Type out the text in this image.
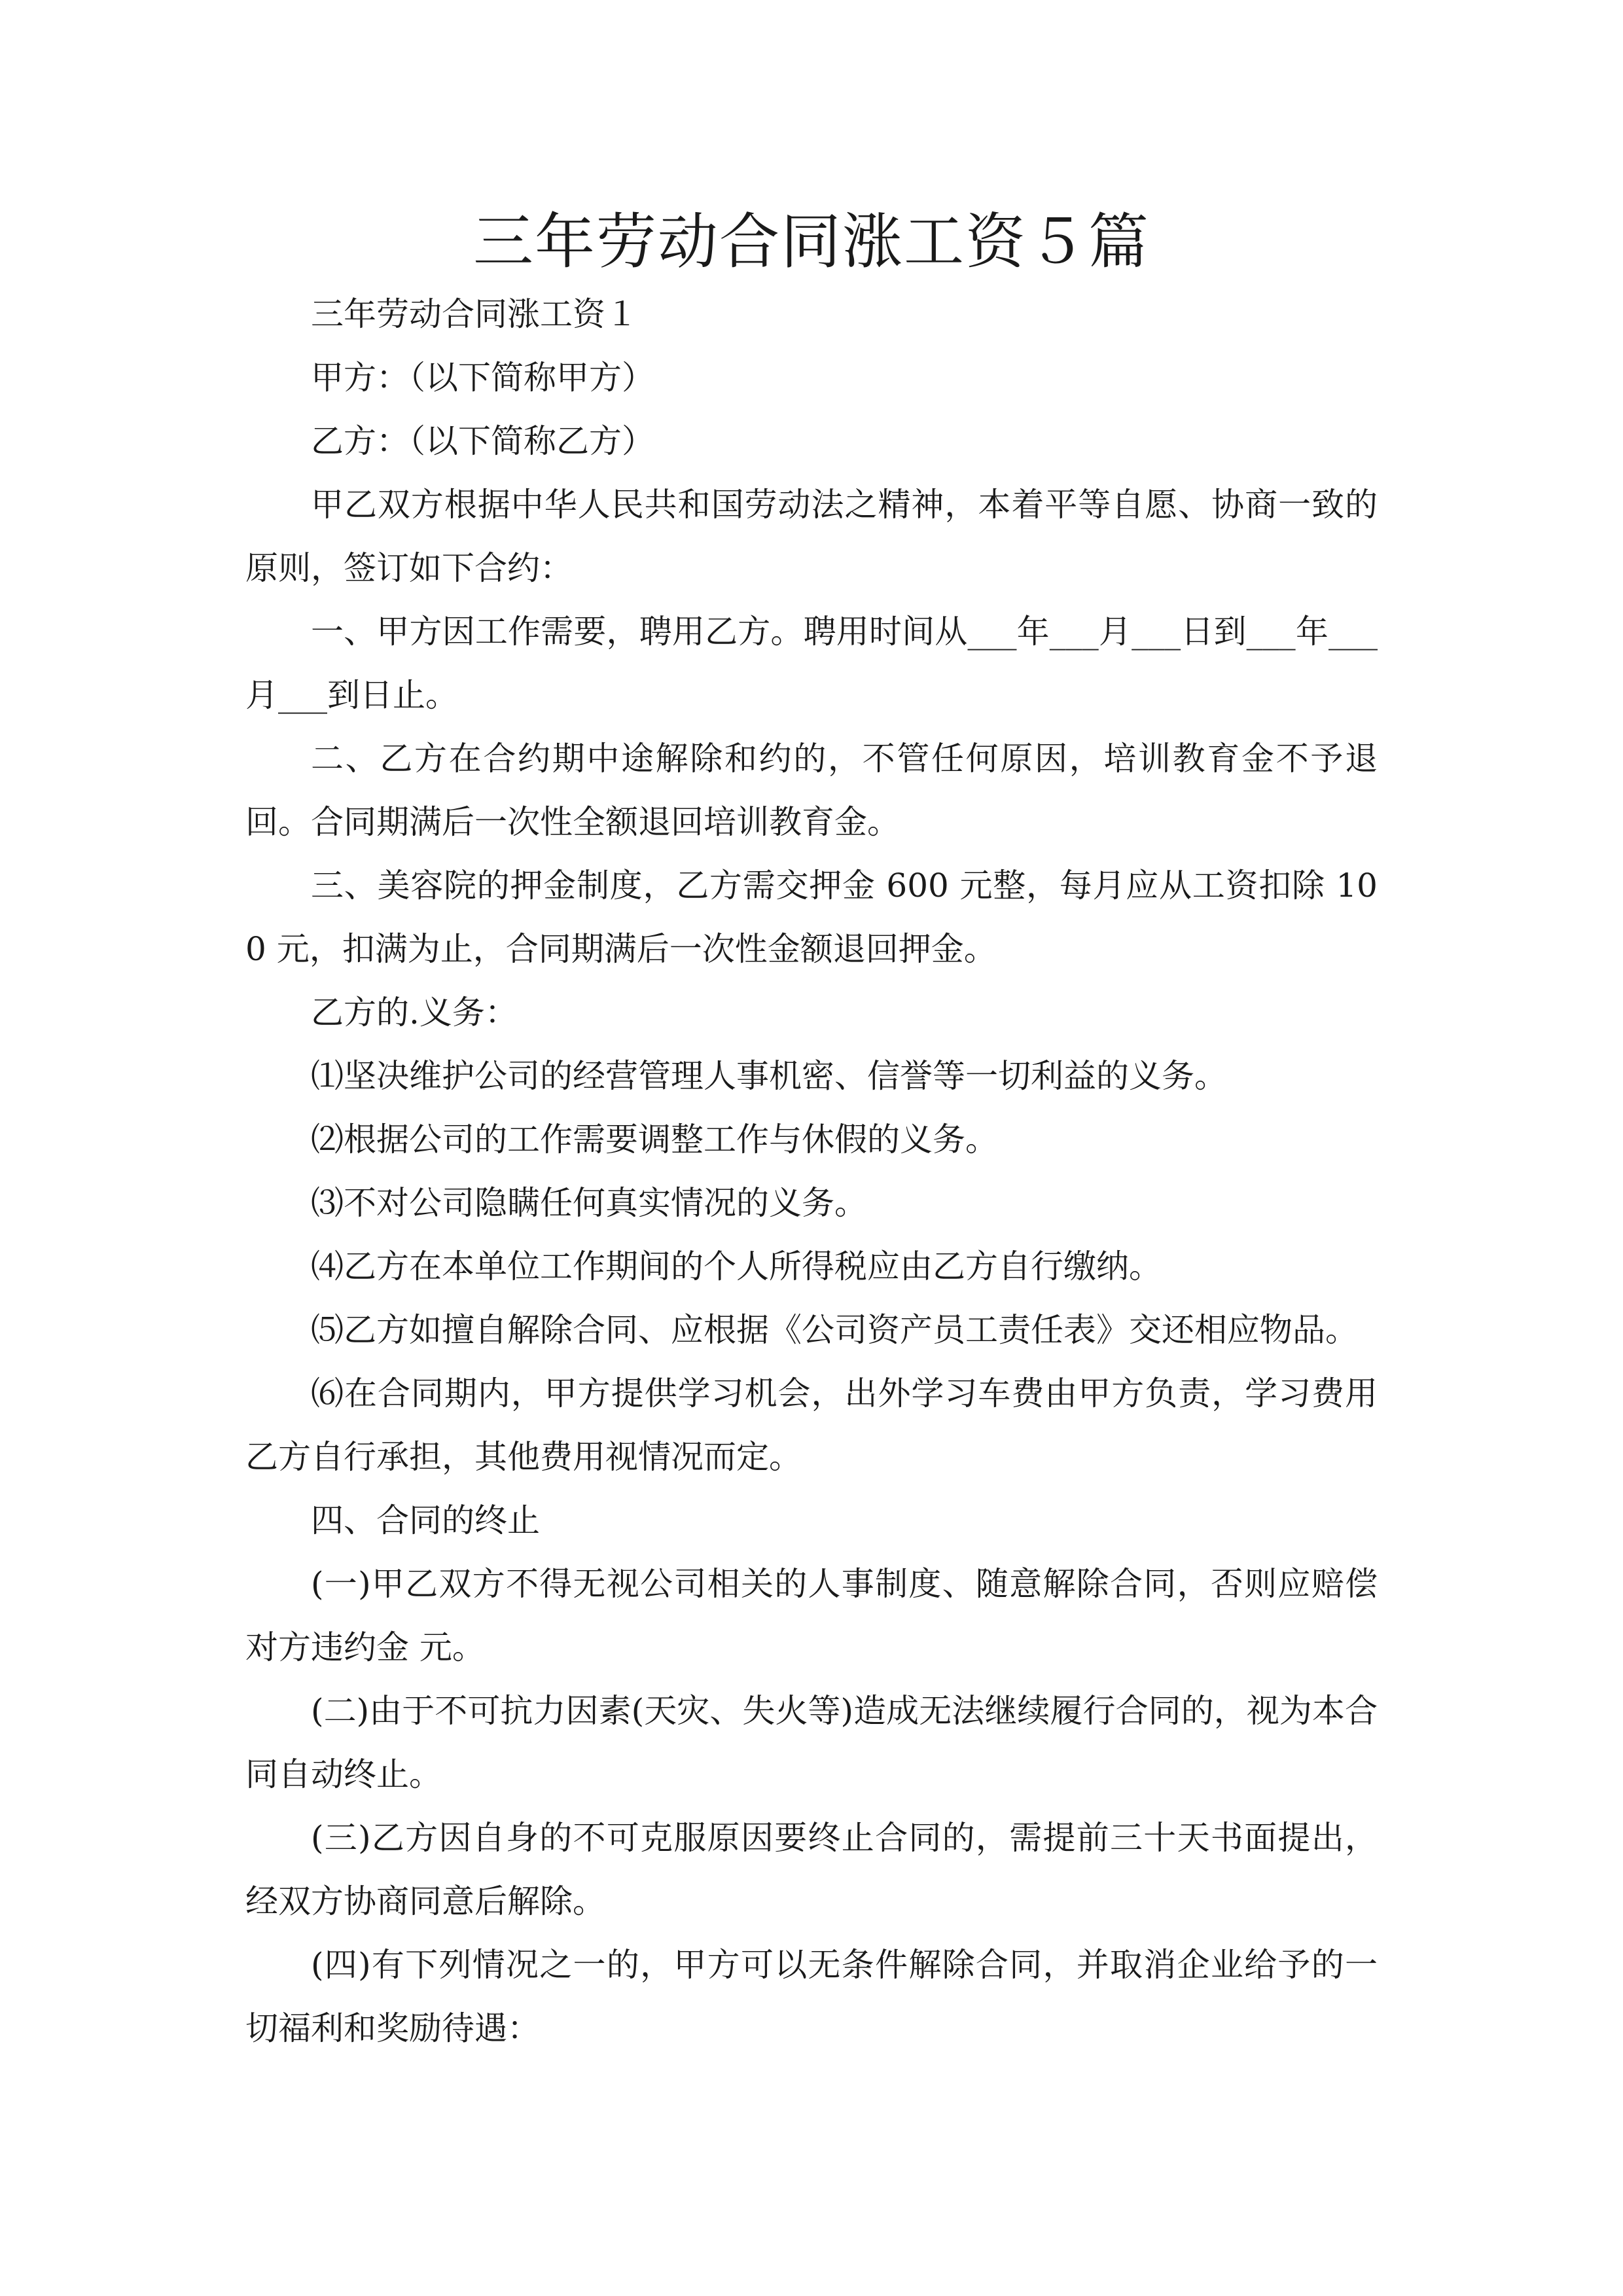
三年劳动合同涨工资５篇

三年劳动合同涨工资１

甲方：（以下简称甲方）

乙方：（以下简称乙方）

甲乙双方根据中华人民共和国劳动法之精神，本着平等自愿、协商一致的原则，签订如下合约：

一、甲方因工作需要，聘用乙方。聘用时间从___年___月___日到___年___月___到日止。

二、乙方在合约期中途解除和约的，不管任何原因，培训教育金不予退回。合同期满后一次性全额退回培训教育金。

三、美容院的押金制度，乙方需交押金 600 元整，每月应从工资扣除 100 元，扣满为止，合同期满后一次性金额退回押金。

乙方的.义务：

⑴坚决维护公司的经营管理人事机密、信誉等一切利益的义务。

⑵根据公司的工作需要调整工作与休假的义务。

⑶不对公司隐瞒任何真实情况的义务。

⑷乙方在本单位工作期间的个人所得税应由乙方自行缴纳。

⑸乙方如擅自解除合同、应根据《公司资产员工责任表》交还相应物品。

⑹在合同期内，甲方提供学习机会，出外学习车费由甲方负责，学习费用乙方自行承担，其他费用视情况而定。

四、合同的终止

(一)甲乙双方不得无视公司相关的人事制度、随意解除合同，否则应赔偿对方违约金 元。

(二)由于不可抗力因素(天灾、失火等)造成无法继续履行合同的，视为本合同自动终止。

(三)乙方因自身的不可克服原因要终止合同的，需提前三十天书面提出，经双方协商同意后解除。

(四)有下列情况之一的，甲方可以无条件解除合同，并取消企业给予的一切福利和奖励待遇：
